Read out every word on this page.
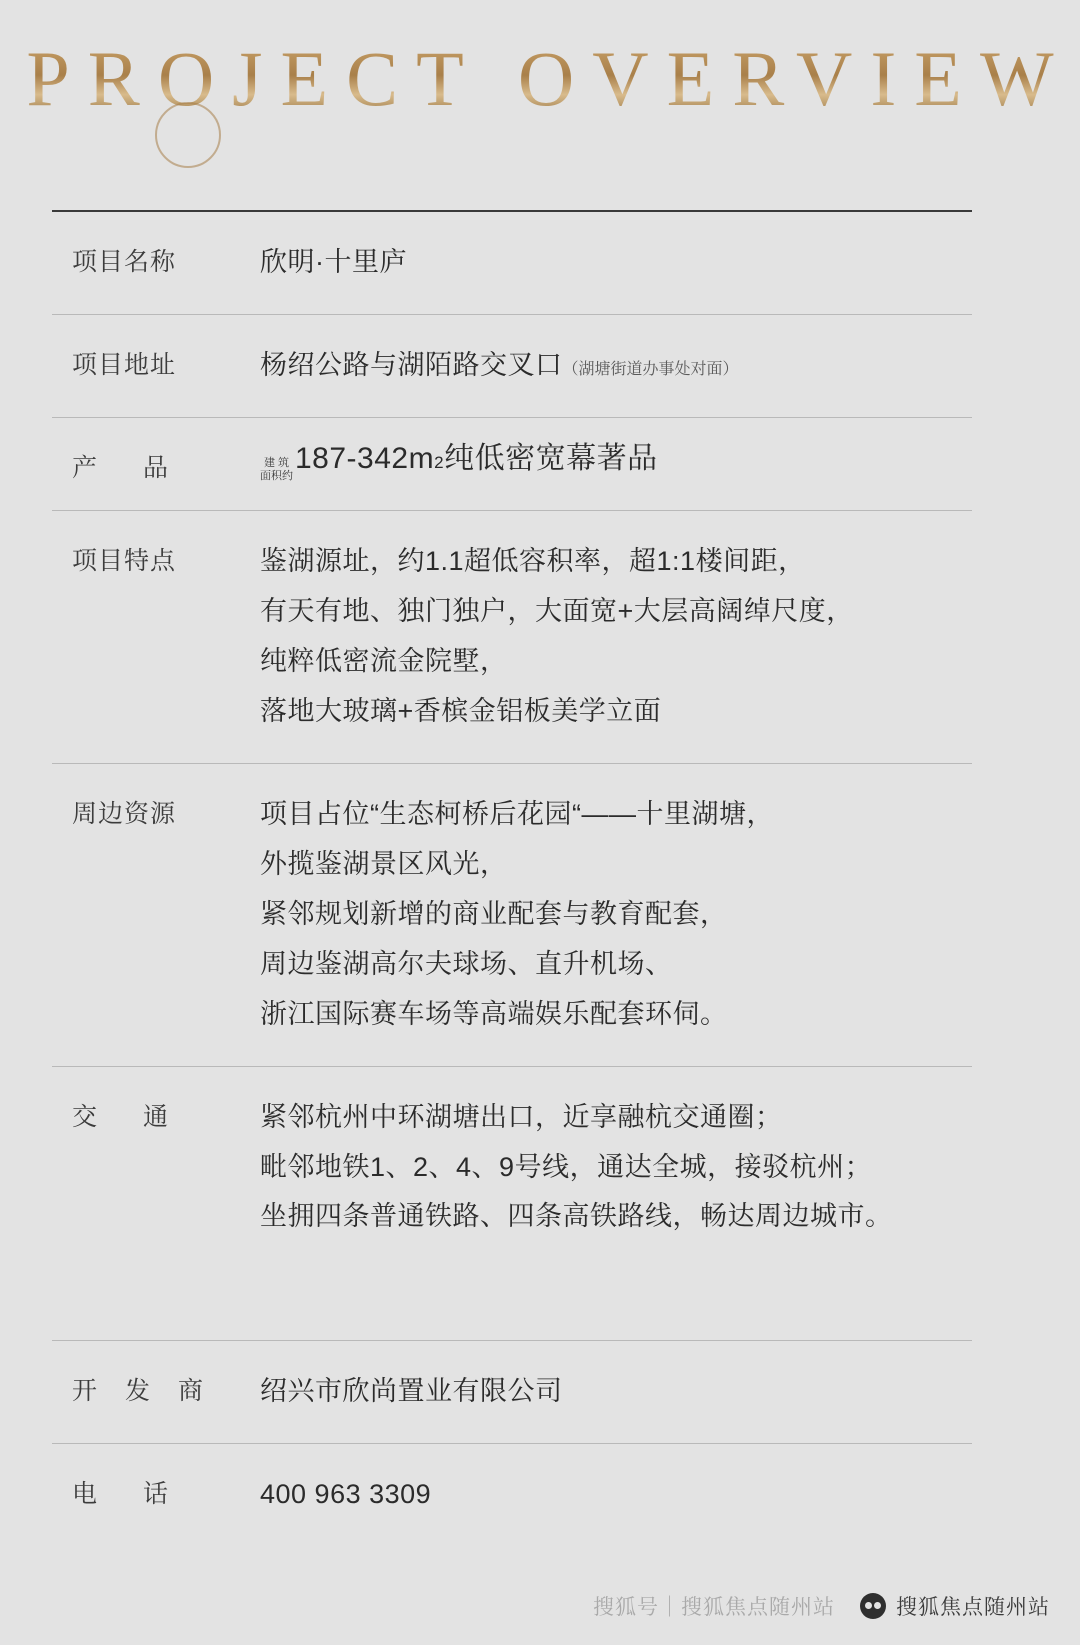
PROJECT OVERVIEW
项目名称	欣明·十里庐
项目地址	杨绍公路与湖陌路交叉口（湖塘街道办事处对面）
产 品	建 筑
面积约
187-342 m 2 纯低密宽幕著品
项目特点	鉴湖源址，约1.1超低容积率，超1:1楼间距，
有天有地、独门独户，大面宽+大层高阔绰尺度，
纯粹低密流金院墅，
落地大玻璃+香槟金铝板美学立面
周边资源	项目占位“生态柯桥后花园“——十里湖塘，
外揽鉴湖景区风光，
紧邻规划新增的商业配套与教育配套，
周边鉴湖高尔夫球场、直升机场、
浙江国际赛车场等高端娱乐配套环伺。
交 通	紧邻杭州中环湖塘出口，近享融杭交通圈；
毗邻地铁1、2、4、9号线，通达全城，接驳杭州；
坐拥四条普通铁路、四条高铁路线，畅达周边城市。
开 发 商	绍兴市欣尚置业有限公司
电 话	400 963 3309
搜狐号｜搜狐焦点随州站	搜狐焦点随州站
